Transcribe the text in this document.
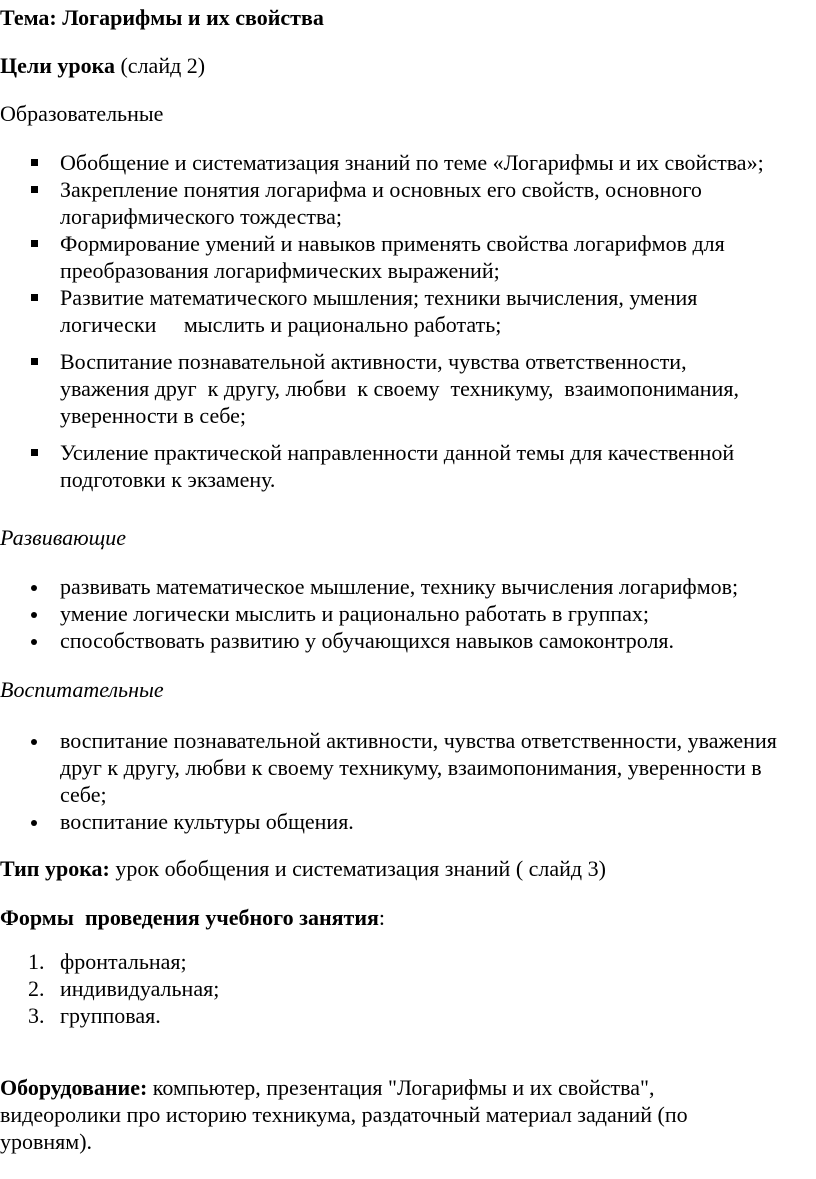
Тема: Логарифмы и их свойства
Цели урока (слайд 2)
Образовательные
Обобщение и систематизация знаний по теме «Логарифмы и их свойства»;
Закрепление понятия логарифма и основных его свойств, основного
логарифмического тождества;
Формирование умений и навыков применять свойства логарифмов для
преобразования логарифмических выражений;
Развитие математического мышления; техники вычисления, умения
логически     мыслить и рационально работать;
Воспитание познавательной активности, чувства ответственности,
уважения друг  к другу, любви  к своему  техникуму,  взаимопонимания,
уверенности в себе;
Усиление практической направленности данной темы для качественной
подготовки к экзамену.
Развивающие
развивать математическое мышление, технику вычисления логарифмов;
умение логически мыслить и рационально работать в группах;
способствовать развитию у обучающихся навыков самоконтроля.
Воспитательные
воспитание познавательной активности, чувства ответственности, уважения
друг к другу, любви к своему техникуму, взаимопонимания, уверенности в
себе;
воспитание культуры общения.
Тип урока: урок обобщения и систематизация знаний ( слайд 3)
Формы  проведения учебного занятия:
1. фронтальная;
2. индивидуальная;
3. групповая.
Оборудование: компьютер, презентация "Логарифмы и их свойства",
видеоролики про историю техникума, раздаточный материал заданий (по
уровням).
